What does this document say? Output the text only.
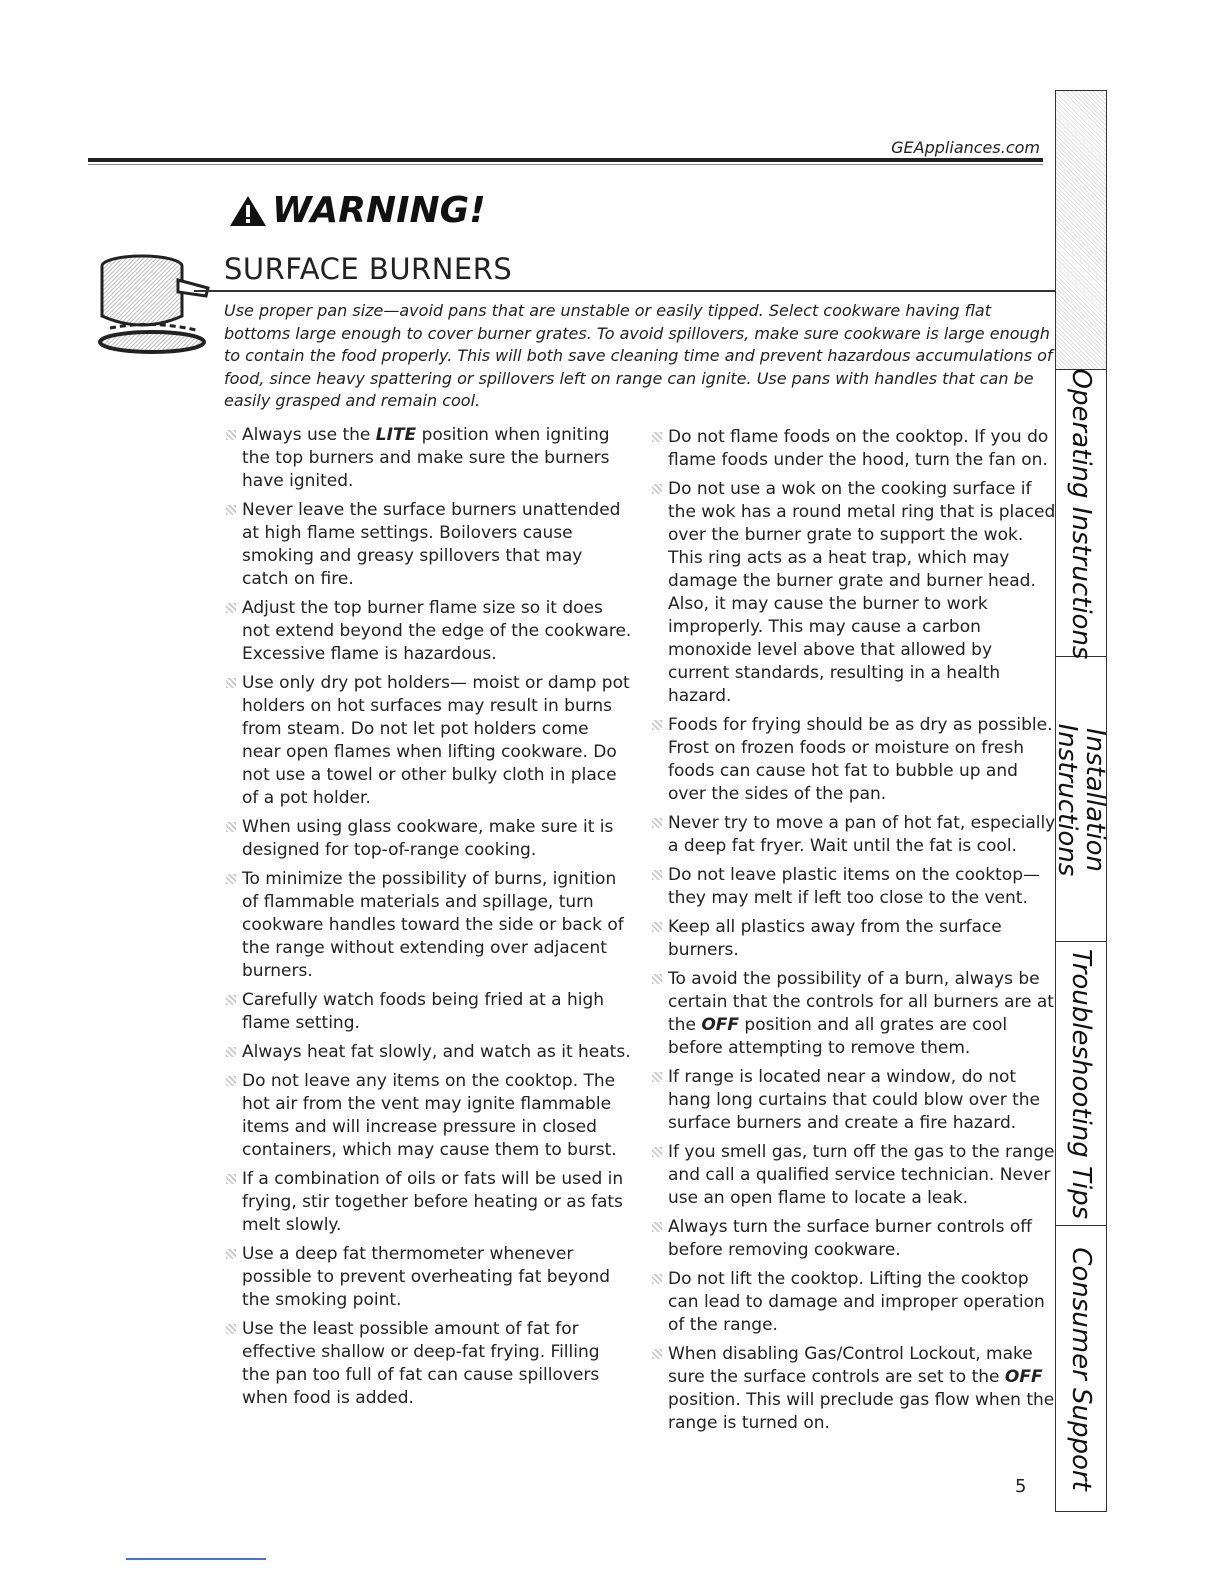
GEAppliances.com
WARNING!
SURFACE BURNERS
Use proper pan size—avoid pans that are unstable or easily tipped. Select cookware having flat bottoms large enough to cover burner grates. To avoid spillovers, make sure cookware is large enough to contain the food properly. This will both save cleaning time and prevent hazardous accumulations of food, since heavy spattering or spillovers left on range can ignite. Use pans with handles that can be easily grasped and remain cool.
Always use the LITE position when igniting the top burners and make sure the burners have ignited.
Never leave the surface burners unattended at high flame settings. Boilovers cause smoking and greasy spillovers that may catch on fire.
Adjust the top burner flame size so it does not extend beyond the edge of the cookware. Excessive flame is hazardous.
Use only dry pot holders— moist or damp pot holders on hot surfaces may result in burns from steam. Do not let pot holders come near open flames when lifting cookware. Do not use a towel or other bulky cloth in place of a pot holder.
When using glass cookware, make sure it is designed for top-of-range cooking.
To minimize the possibility of burns, ignition of flammable materials and spillage, turn cookware handles toward the side or back of the range without extending over adjacent burners.
Carefully watch foods being fried at a high flame setting.
Always heat fat slowly, and watch as it heats.
Do not leave any items on the cooktop. The hot air from the vent may ignite flammable items and will increase pressure in closed containers, which may cause them to burst.
If a combination of oils or fats will be used in frying, stir together before heating or as fats melt slowly.
Use a deep fat thermometer whenever possible to prevent overheating fat beyond the smoking point.
Use the least possible amount of fat for effective shallow or deep-fat frying. Filling the pan too full of fat can cause spillovers when food is added.
Do not flame foods on the cooktop. If you do flame foods under the hood, turn the fan on.
Do not use a wok on the cooking surface if the wok has a round metal ring that is placed over the burner grate to support the wok. This ring acts as a heat trap, which may damage the burner grate and burner head. Also, it may cause the burner to work improperly. This may cause a carbon monoxide level above that allowed by current standards, resulting in a health hazard.
Foods for frying should be as dry as possible. Frost on frozen foods or moisture on fresh foods can cause hot fat to bubble up and over the sides of the pan.
Never try to move a pan of hot fat, especially a deep fat fryer. Wait until the fat is cool.
Do not leave plastic items on the cooktop— they may melt if left too close to the vent.
Keep all plastics away from the surface burners.
To avoid the possibility of a burn, always be certain that the controls for all burners are at the OFF position and all grates are cool before attempting to remove them.
If range is located near a window, do not hang long curtains that could blow over the surface burners and create a fire hazard.
If you smell gas, turn off the gas to the range and call a qualified service technician. Never use an open flame to locate a leak.
Always turn the surface burner controls off before removing cookware.
Do not lift the cooktop. Lifting the cooktop can lead to damage and improper operation of the range.
When disabling Gas/Control Lockout, make sure the surface controls are set to the OFF position. This will preclude gas flow when the range is turned on.
5
Operating Instructions
Installation Instructions
Troubleshooting Tips
Consumer Support
